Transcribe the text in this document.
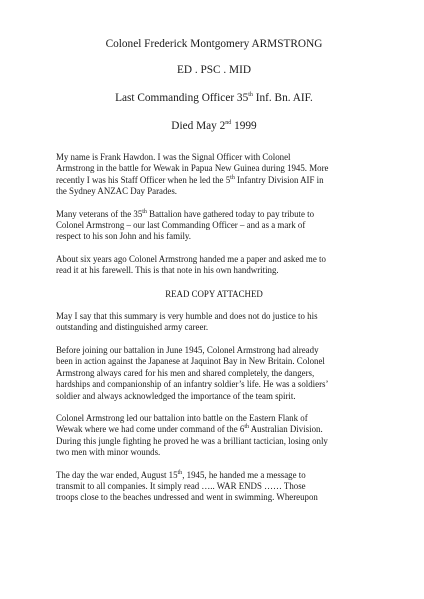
Colonel Frederick Montgomery ARMSTRONG
ED . PSC . MID
Last Commanding Officer 35th Inf. Bn. AIF.
Died May 2nd 1999

My name is Frank Hawdon. I was the Signal Officer with Colonel
Armstrong in the battle for Wewak in Papua New Guinea during 1945. More
recently I was his Staff Officer when he led the 5th Infantry Division AIF in
the Sydney ANZAC Day Parades.

Many veterans of the 35th Battalion have gathered today to pay tribute to
Colonel Armstrong – our last Commanding Officer – and as a mark of
respect to his son John and his family.

About six years ago Colonel Armstrong handed me a paper and asked me to
read it at his farewell. This is that note in his own handwriting.

READ COPY ATTACHED

May I say that this summary is very humble and does not do justice to his
outstanding and distinguished army career.

Before joining our battalion in June 1945, Colonel Armstrong had already
been in action against the Japanese at Jaquinot Bay in New Britain. Colonel
Armstrong always cared for his men and shared completely, the dangers,
hardships and companionship of an infantry soldier’s life. He was a soldiers’
soldier and always acknowledged the importance of the team spirit.

Colonel Armstrong led our battalion into battle on the Eastern Flank of
Wewak where we had come under command of the 6th Australian Division.
During this jungle fighting he proved he was a brilliant tactician, losing only
two men with minor wounds.

The day the war ended, August 15th, 1945, he handed me a message to
transmit to all companies. It simply read ….. WAR ENDS …… Those
troops close to the beaches undressed and went in swimming. Whereupon
